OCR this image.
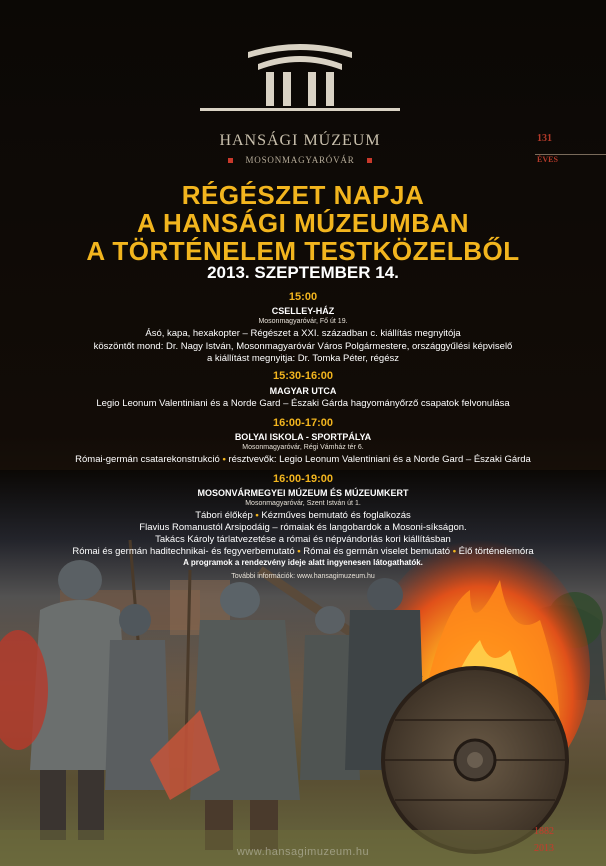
HANSÁGI MÚZEUM
MOSONMAGYARÓVÁR
131
ÉVES
RÉGÉSZET NAPJA
A HANSÁGI MÚZEUMBAN
A TÖRTÉNELEM TESTKÖZELBŐL
2013. SZEPTEMBER 14.
15:00
CSELLEY-HÁZ
Mosonmagyaróvár, Fő út 19.
Ásó, kapa, hexakopter – Régészet a XXI. században c. kiállítás megnyitója
köszöntőt mond: Dr. Nagy István, Mosonmagyaróvár Város Polgármestere, országgyűlési képviselő
a kiállítást megnyitja: Dr. Tomka Péter, régész
15:30-16:00
MAGYAR UTCA
Legio Leonum Valentiniani és a Norde Gard – Északi Gárda hagyományőrző csapatok felvonulása
16:00-17:00
BOLYAI ISKOLA - SPORTPÁLYA
Mosonmagyaróvár, Régi Vámház tér 6.
Római-germán csatarekonstrukció • résztvevők: Legio Leonum Valentiniani és a Norde Gard – Északi Gárda
16:00-19:00
MOSONVÁRMEGYEI MÚZEUM ÉS MÚZEUMKERT
Mosonmagyaróvár, Szent István út 1.
Tábori élőkép • Kézműves bemutató és foglalkozás
Flavius Romanustól Arsipodáig – rómaiak és langobardok a Mosoni-síkságon.
Takács Károly tárlatvezetése a római és népvándorlás kori kiállításban
Római és germán haditechnikai- és fegyverbemutató • Római és germán viselet bemutató • Élő történelemóra
A programok a rendezvény ideje alatt ingyenesen látogathatók.
További információk: www.hansagimuzeum.hu
www.hansagimuzeum.hu
1882
2013
